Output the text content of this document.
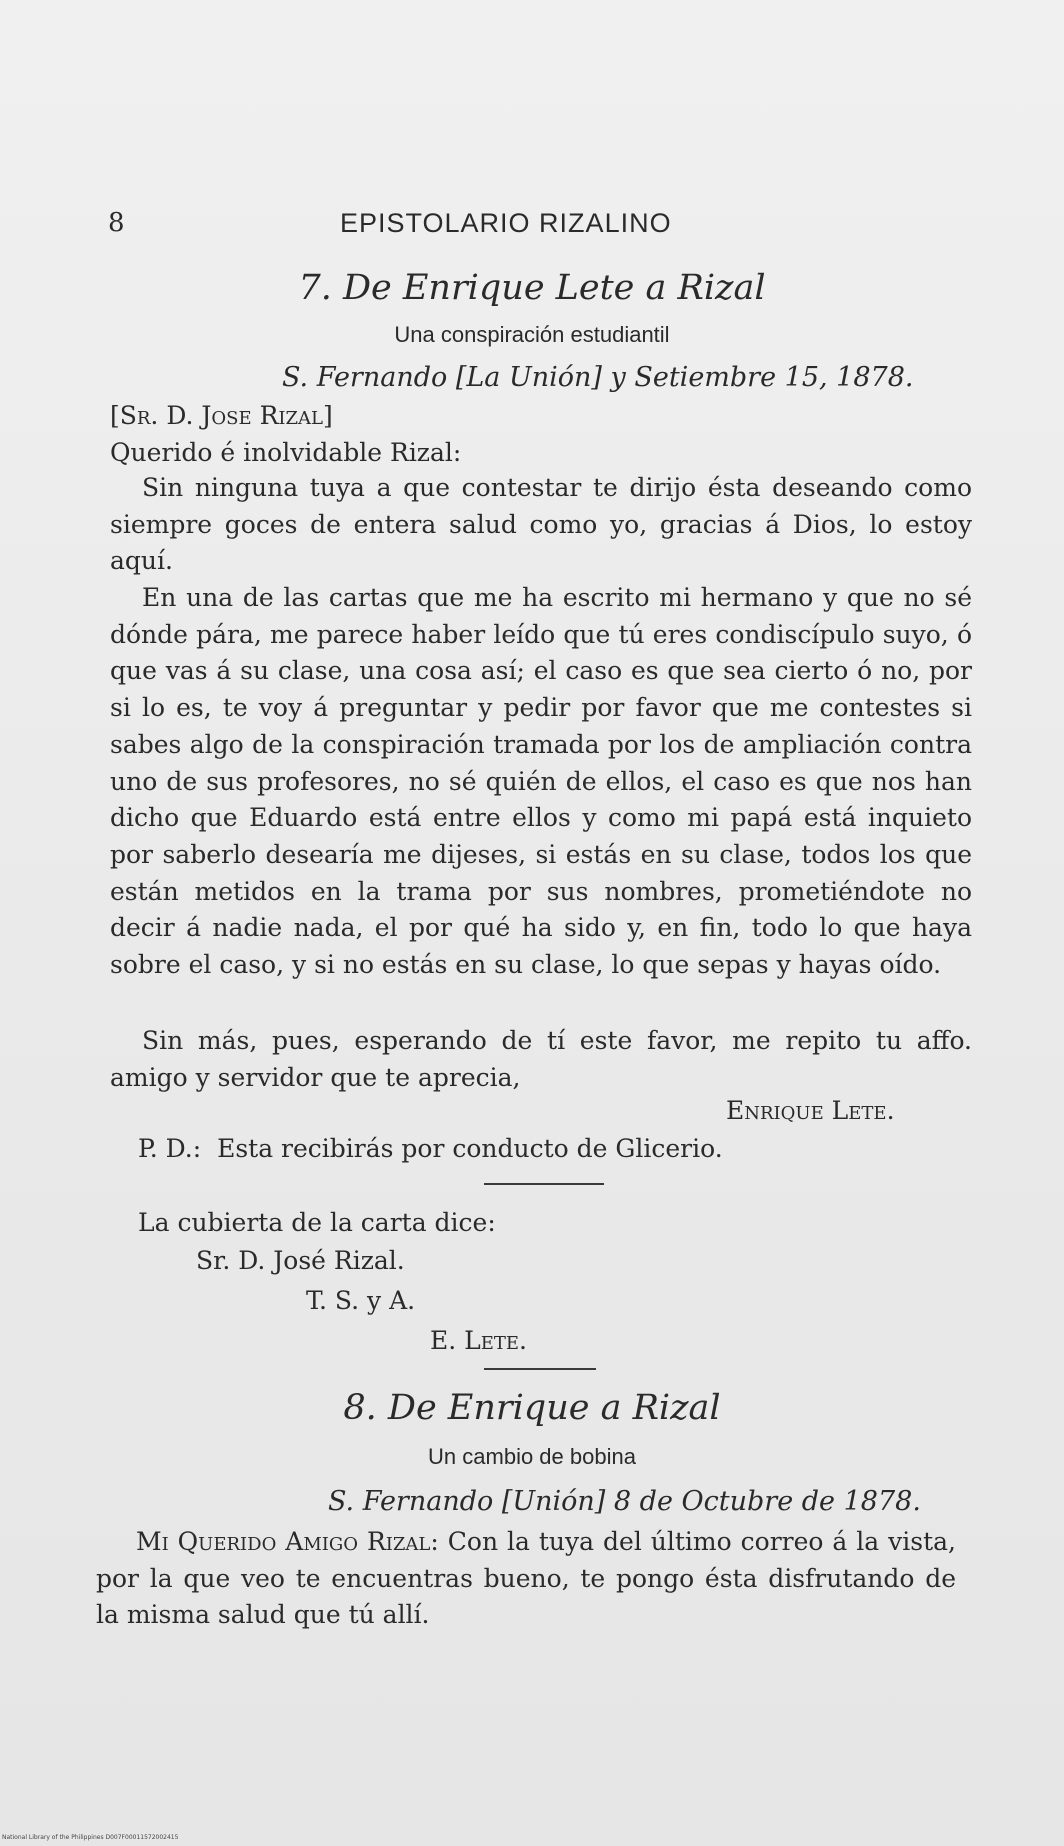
8	EPISTOLARIO RIZALINO
7. De Enrique Lete a Rizal
Una conspiración estudiantil
S. Fernando [La Unión] y Setiembre 15, 1878.
[Sr. D. Jose Rizal]
Querido é inolvidable Rizal:
Sin ninguna tuya a que contestar te dirijo ésta deseando como siempre goces de entera salud como yo, gracias á Dios, lo estoy aquí.
En una de las cartas que me ha escrito mi hermano y que no sé dónde pára, me parece haber leído que tú eres condiscípulo suyo, ó que vas á su clase, una cosa así; el caso es que sea cierto ó no, por si lo es, te voy á preguntar y pedir por favor que me contestes si sabes algo de la conspiración tramada por los de ampliación contra uno de sus profesores, no sé quién de ellos, el caso es que nos han dicho que Eduardo está entre ellos y como mi papá está inquieto por saberlo desearía me dijeses, si estás en su clase, todos los que están metidos en la trama por sus nombres, prometiéndote no decir á nadie nada, el por qué ha sido y, en fin, todo lo que haya sobre el caso, y si no estás en su clase, lo que sepas y hayas oído.
Sin más, pues, esperando de tí este favor, me repito tu affo. amigo y servidor que te aprecia,
Enrique Lete.
P. D.:  Esta recibirás por conducto de Glicerio.
La cubierta de la carta dice:
Sr. D. José Rizal.
T. S. y A.
E. Lete.
8. De Enrique a Rizal
Un cambio de bobina
S. Fernando [Unión] 8 de Octubre de 1878.
Mi Querido Amigo Rizal: Con la tuya del último correo á la vista, por la que veo te encuentras bueno, te pongo ésta disfrutando de la misma salud que tú allí.
National Library of the Philippines D007F00011572002415
